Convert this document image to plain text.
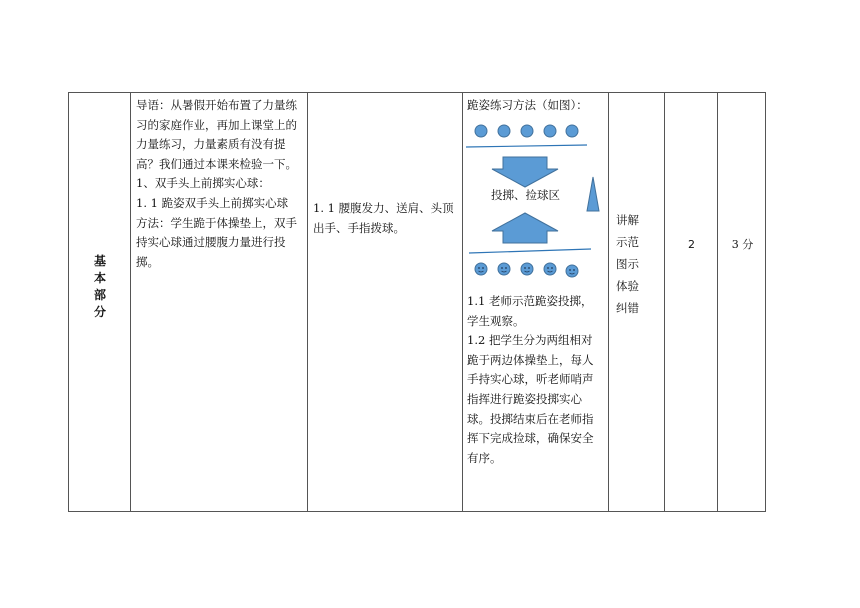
基
本
部
分

导语：从暑假开始布置了力量练

习的家庭作业，再加上课堂上的

力量练习，力量素质有没有提

高？我们通过本课来检验一下。

1、双手头上前掷实心球：

1. 1 跪姿双手头上前掷实心球

方法：学生跪于体操垫上，双手

持实心球通过腰腹力量进行投

掷。

1. 1 腰腹发力、送肩、头顶

出手、手指拨球。

跪姿练习方法（如图）：
投掷、捡球区

1.1 老师示范跪姿投掷，

学生观察。

1.2 把学生分为两组相对

跪于两边体操垫上，每人

手持实心球，听老师哨声

指挥进行跪姿投掷实心

球。投掷结束后在老师指

挥下完成捡球，确保安全

有序。

讲解

示范

图示

体验

纠错

2	3 分
